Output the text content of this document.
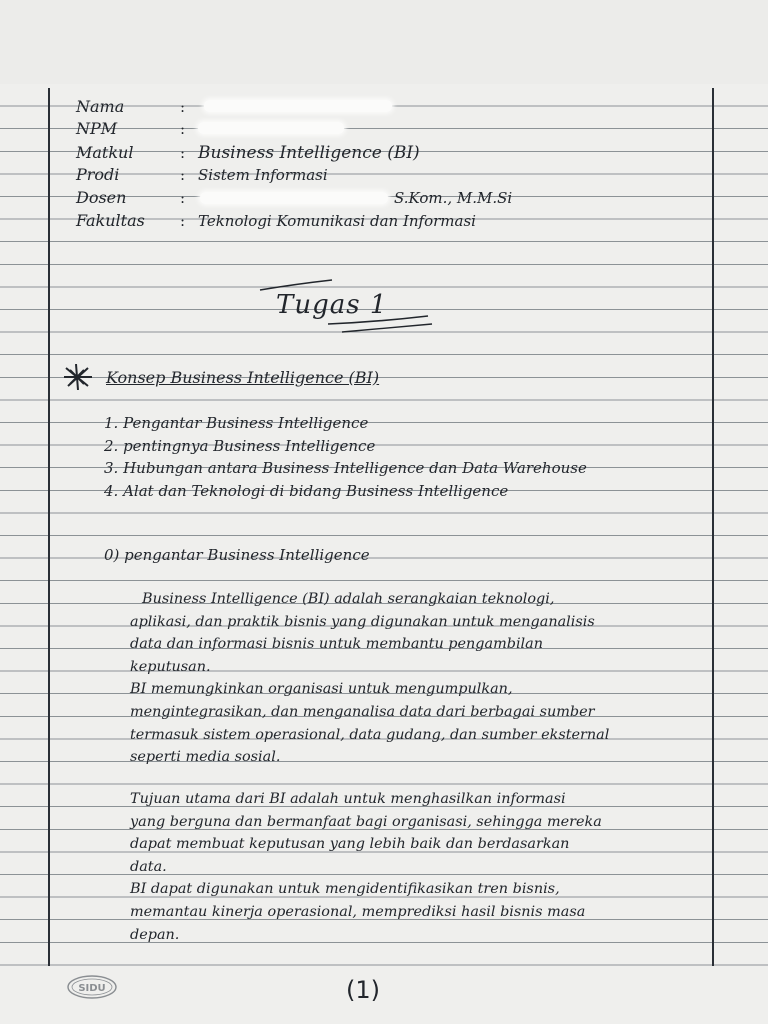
Nama	:
NPM	:
Matkul	: Business Intelligence (BI)
Prodi	: Sistem Informasi
Dosen	:	S.Kom., M.M.Si
Fakultas : Teknologi Komunikasi dan Informasi
Tugas 1
Konsep Business Intelligence (BI)
1. Pengantar Business Intelligence
2. pentingnya Business Intelligence
3. Hubungan antara Business Intelligence dan Data Warehouse
4. Alat dan Teknologi di bidang Business Intelligence
0) pengantar Business Intelligence
Business Intelligence (BI) adalah serangkaian teknologi,
aplikasi, dan praktik bisnis yang digunakan untuk menganalisis
data dan informasi bisnis untuk membantu pengambilan
keputusan.
BI memungkinkan organisasi untuk mengumpulkan,
mengintegrasikan, dan menganalisa data dari berbagai sumber
termasuk sistem operasional, data gudang, dan sumber eksternal
seperti media sosial.
Tujuan utama dari BI adalah untuk menghasilkan informasi
yang berguna dan bermanfaat bagi organisasi, sehingga mereka
dapat membuat keputusan yang lebih baik dan berdasarkan
data.
BI dapat digunakan untuk mengidentifikasikan tren bisnis,
memantau kinerja operasional, memprediksi hasil bisnis masa
depan.
SIDU	(1)
